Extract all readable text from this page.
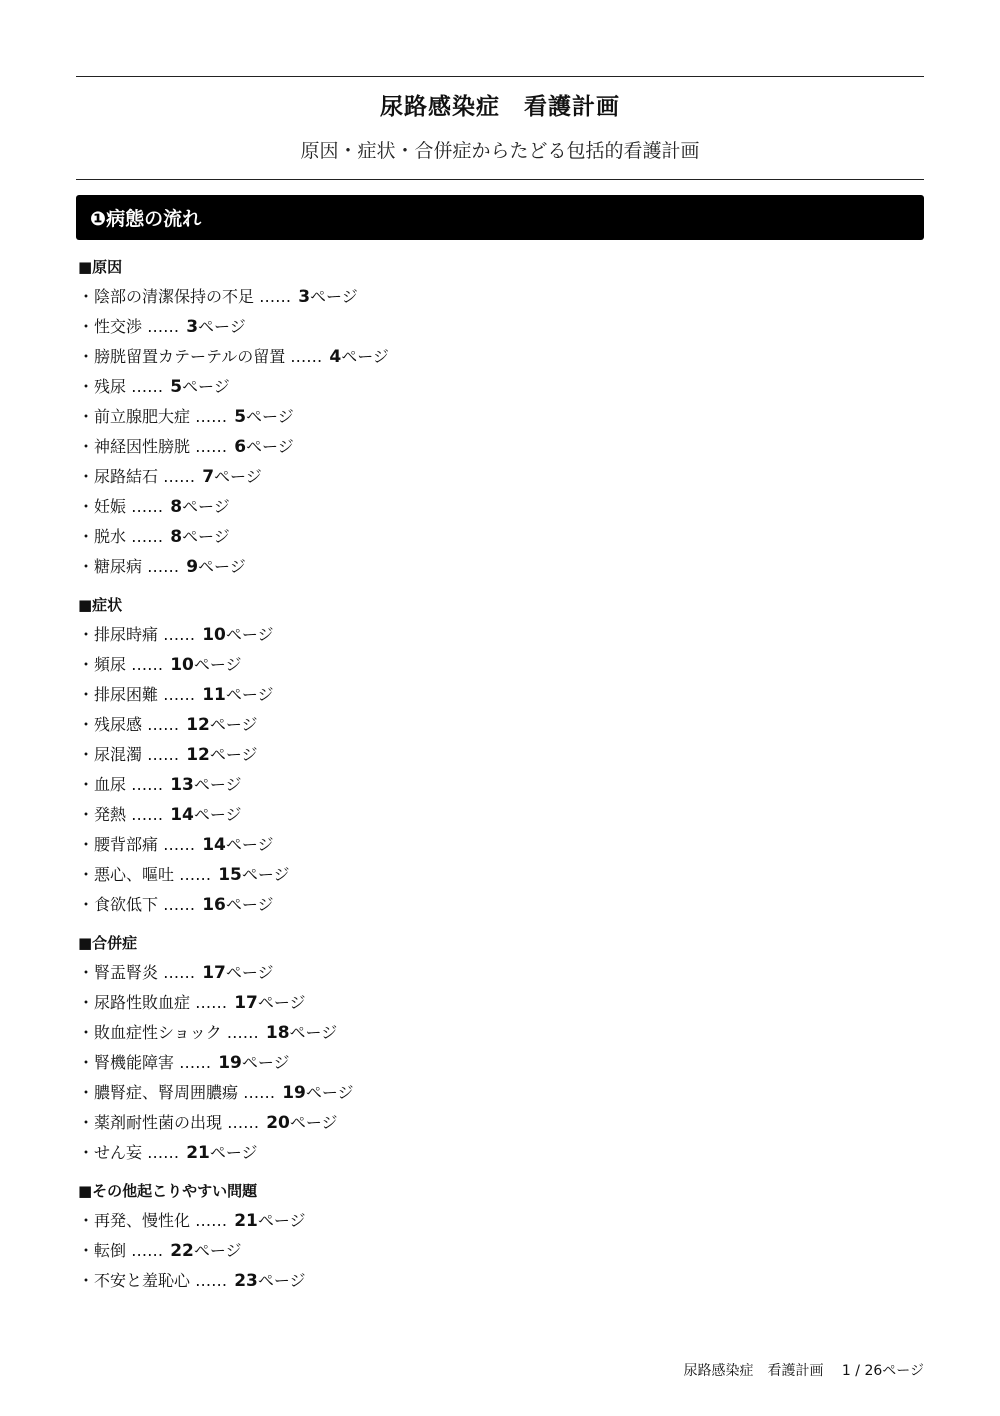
尿路感染症　看護計画
原因・症状・合併症からたどる包括的看護計画
❶病態の流れ
■原因
・陰部の清潔保持の不足 …… 3ページ
・性交渉 …… 3ページ
・膀胱留置カテーテルの留置 …… 4ページ
・残尿 …… 5ページ
・前立腺肥大症 …… 5ページ
・神経因性膀胱 …… 6ページ
・尿路結石 …… 7ページ
・妊娠 …… 8ページ
・脱水 …… 8ページ
・糖尿病 …… 9ページ
■症状
・排尿時痛 …… 10ページ
・頻尿 …… 10ページ
・排尿困難 …… 11ページ
・残尿感 …… 12ページ
・尿混濁 …… 12ページ
・血尿 …… 13ページ
・発熱 …… 14ページ
・腰背部痛 …… 14ページ
・悪心、嘔吐 …… 15ページ
・食欲低下 …… 16ページ
■合併症
・腎盂腎炎 …… 17ページ
・尿路性敗血症 …… 17ページ
・敗血症性ショック …… 18ページ
・腎機能障害 …… 19ページ
・膿腎症、腎周囲膿瘍 …… 19ページ
・薬剤耐性菌の出現 …… 20ページ
・せん妄 …… 21ページ
■その他起こりやすい問題
・再発、慢性化 …… 21ページ
・転倒 …… 22ページ
・不安と羞恥心 …… 23ページ
尿路感染症　看護計画　 1 / 26ページ
